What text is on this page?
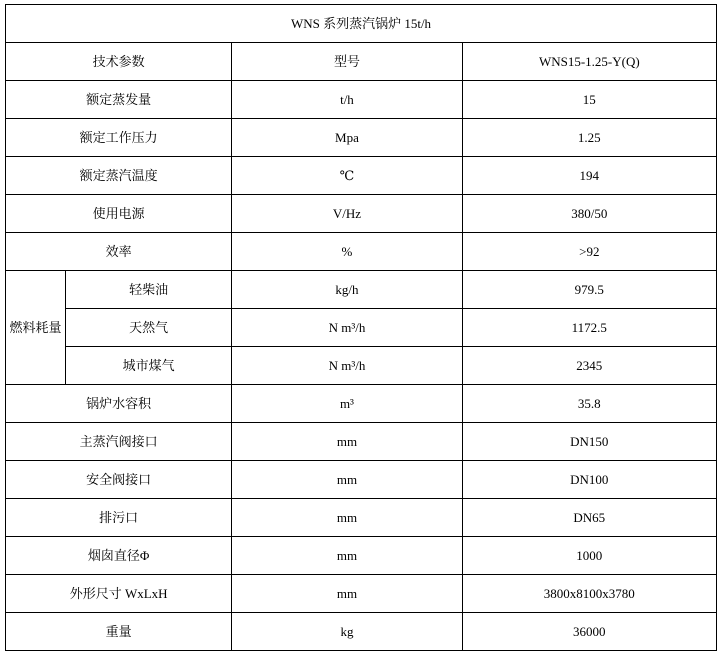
WNS 系列蒸汽锅炉 15t/h			
技术参数		型号	WNS15-1.25-Y(Q)
额定蒸发量		t/h	15
额定工作压力		Mpa	1.25
额定蒸汽温度		℃	194
使用电源		V/Hz	380/50
效率		%	>92
燃料耗量	轻柴油	kg/h	979.5
	天然气	N m³/h	1172.5
	城市煤气	N m³/h	2345
锅炉水容积		m³	35.8
主蒸汽阀接口		mm	DN150
安全阀接口		mm	DN100
排污口		mm	DN65
烟囱直径Φ		mm	1000
外形尺寸 WxLxH		mm	3800x8100x3780
重量		kg	36000
